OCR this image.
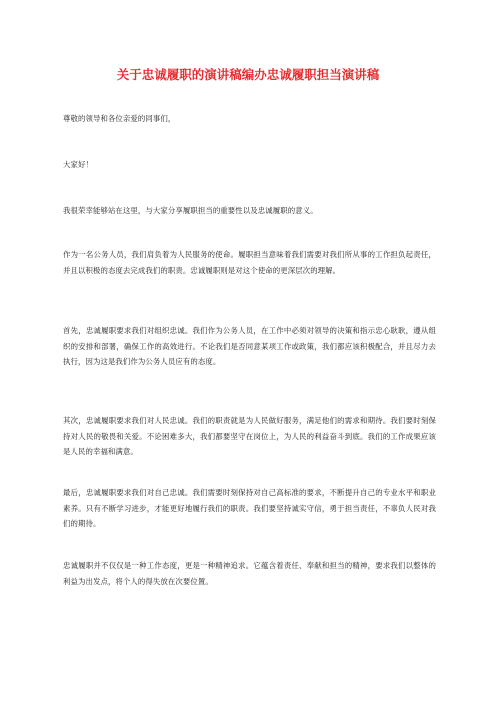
关于忠诚履职的演讲稿编办忠诚履职担当演讲稿

尊敬的领导和各位亲爱的同事们，

大家好！

我很荣幸能够站在这里，与大家分享履职担当的重要性以及忠诚履职的意义。

作为一名公务人员，我们肩负着为人民服务的使命。履职担当意味着我们需要对我们所从事的工作担负起责任，并且以积极的态度去完成我们的职责。忠诚履职则是对这个使命的更深层次的理解。

首先，忠诚履职要求我们对组织忠诚。我们作为公务人员，在工作中必须对领导的决策和指示忠心耿耿，遵从组织的安排和部署，确保工作的高效进行。不论我们是否同意某项工作或政策，我们都应该积极配合，并且尽力去执行，因为这是我们作为公务人员应有的态度。

其次，忠诚履职要求我们对人民忠诚。我们的职责就是为人民做好服务，满足他们的需求和期待。我们要时刻保持对人民的敬畏和关爱。不论困难多大，我们都要坚守在岗位上，为人民的利益奋斗到底。我们的工作成果应该是人民的幸福和满意。

最后，忠诚履职要求我们对自己忠诚。我们需要时刻保持对自己高标准的要求，不断提升自己的专业水平和职业素养。只有不断学习进步，才能更好地履行我们的职责。我们要坚持诚实守信，勇于担当责任，不辜负人民对我们的期待。

忠诚履职并不仅仅是一种工作态度，更是一种精神追求。它蕴含着责任、奉献和担当的精神，要求我们以整体的利益为出发点，将个人的得失放在次要位置。
